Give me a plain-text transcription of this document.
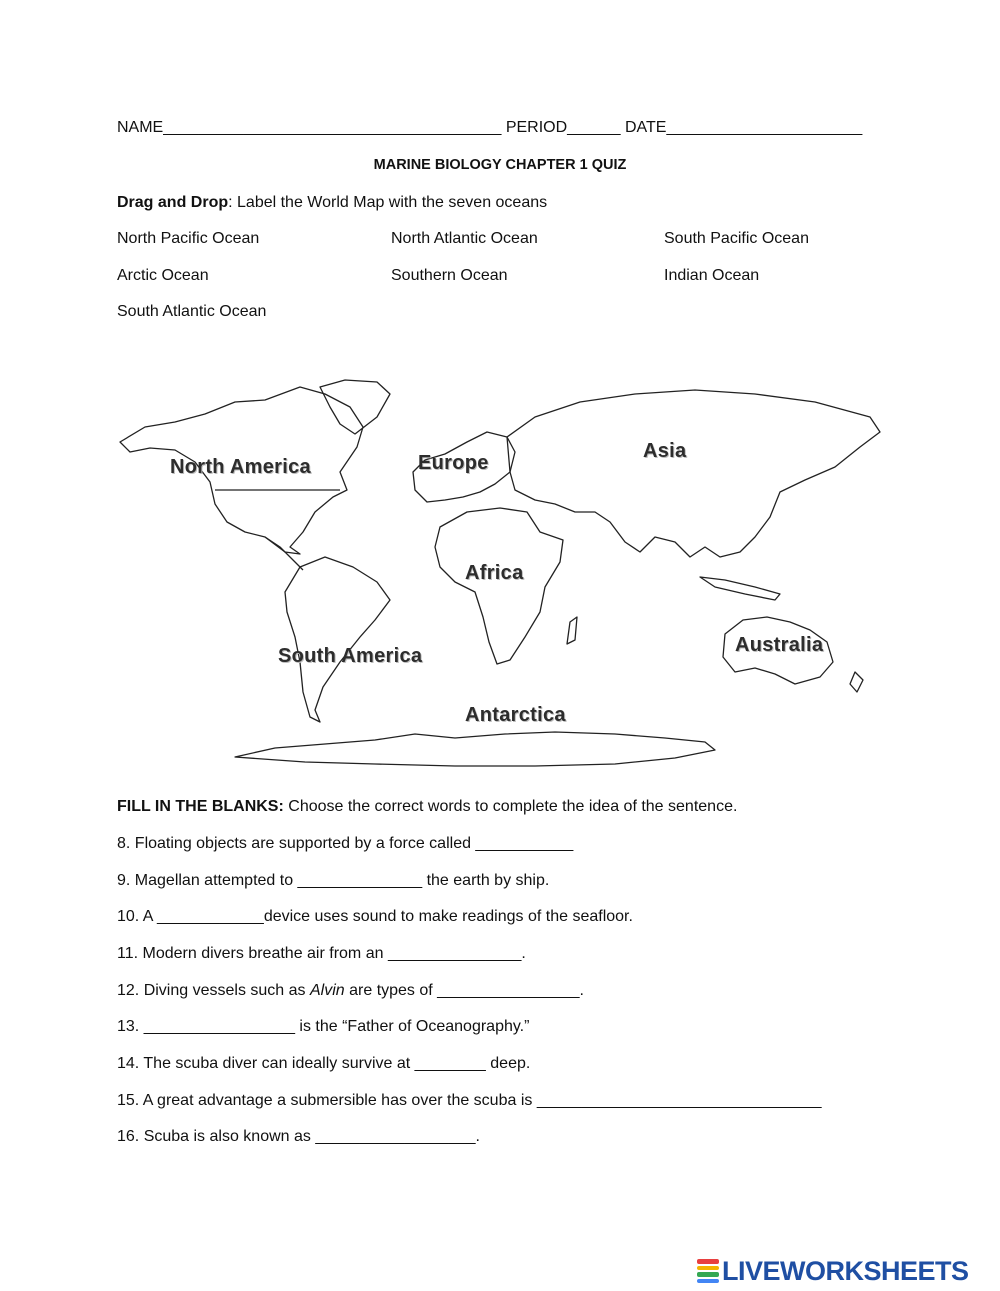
NAME______________________________________ PERIOD______ DATE______________________
MARINE BIOLOGY CHAPTER 1 QUIZ
Drag and Drop: Label the World Map with the seven oceans
North Pacific Ocean	North Atlantic Ocean	South Pacific Ocean
Arctic Ocean	Southern Ocean	Indian Ocean
South Atlantic Ocean
North America	Europe
Asia
Africa
South America	Australia
Antarctica
FILL IN THE BLANKS: Choose the correct words to complete the idea of the sentence.
8. Floating objects are supported by a force called ___________
9. Magellan attempted to ______________ the earth by ship.
10. A ____________device uses sound to make readings of the seafloor.
11. Modern divers breathe air from an _______________.
12. Diving vessels such as Alvin are types of ________________.
13. _________________ is the “Father of Oceanography.”
14. The scuba diver can ideally survive at ________ deep.
15. A great advantage a submersible has over the scuba is ________________________________
16. Scuba is also known as __________________.
LIVEWORKSHEETS
